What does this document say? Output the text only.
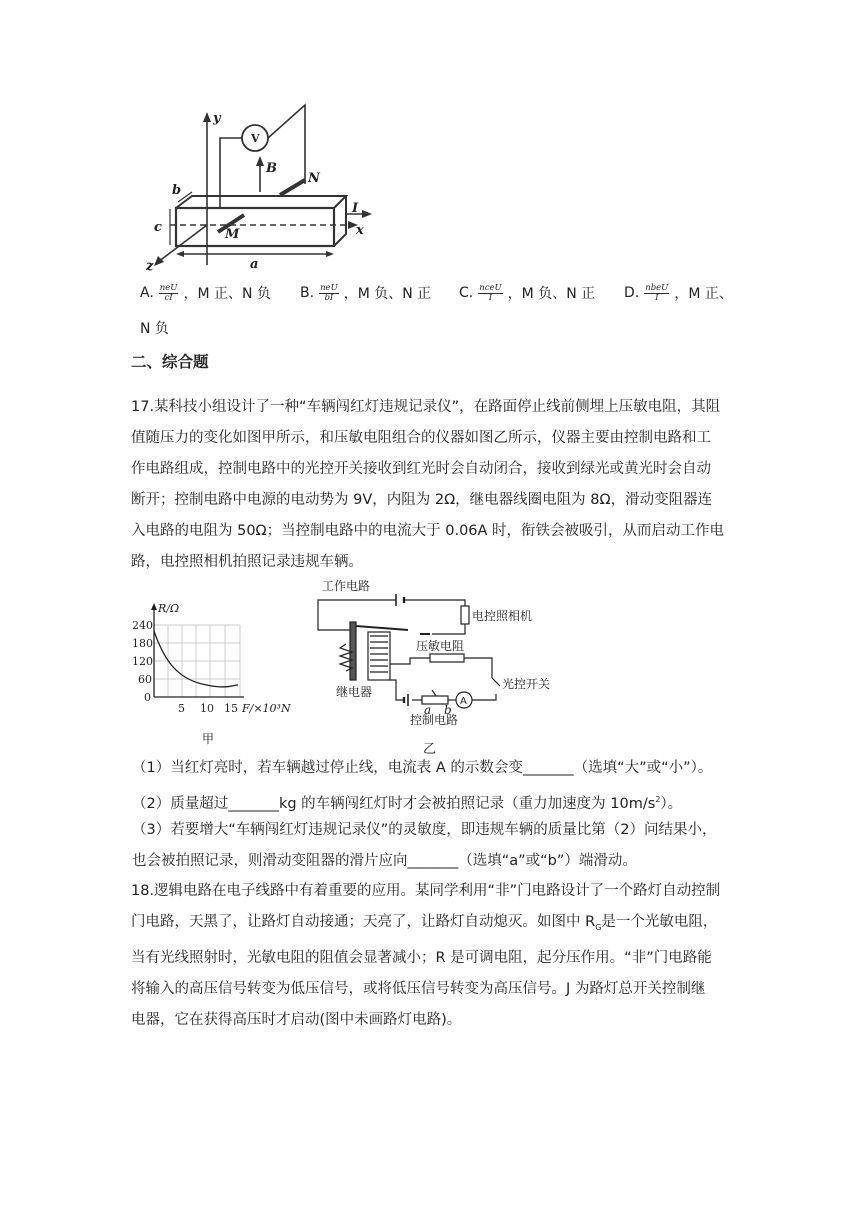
y
x
z
B
N
M
I
V
a
b
c
A. $\frac{\text{neU}}{cI}$ ，M 正、N 负 B. $\frac{\text{neU}}{bI}$ ，M 负、N 正 C. $\frac{\text{nceU}}{I}$ ，M 负、N 正 D. $\frac{\text{nbeU}}{I}$ ，M 正、
N 负
二、综合题
17.某科技小组设计了一种“车辆闯红灯违规记录仪”，在路面停止线前侧埋上压敏电阻，其阻
值随压力的变化如图甲所示，和压敏电阻组合的仪器如图乙所示，仪器主要由控制电路和工
作电路组成，控制电路中的光控开关接收到红光时会自动闭合，接收到绿光或黄光时会自动
断开；控制电路中电源的电动势为 9V，内阻为 2Ω，继电器线圈电阻为 8Ω，滑动变阻器连
入电路的电阻为 50Ω；当控制电路中的电流大于 0.06A 时，衔铁会被吸引，从而启动工作电
路，电控照相机拍照记录违规车辆。
R/Ω
240
180
120
60
0
5 10 15 F/×10³N
甲
工作电路
电控照相机
压敏电阻
继电器
光控开关
控制电路
A
a b
乙
（1）当红灯亮时，若车辆越过停止线，电流表 A 的示数会变_______（选填“大”或“小”）。
（2）质量超过_______kg 的车辆闯红灯时才会被拍照记录（重力加速度为 $10m/s^2$）。
（3）若要增大“车辆闯红灯违规记录仪”的灵敏度，即违规车辆的质量比第（2）问结果小，
也会被拍照记录，则滑动变阻器的滑片应向_______（选填“a”或“b”）端滑动。
18.逻辑电路在电子线路中有着重要的应用。某同学利用“非”门电路设计了一个路灯自动控制
门电路，天黑了，让路灯自动接通；天亮了，让路灯自动熄灭。如图中 $R_G$是一个光敏电阻，
当有光线照射时，光敏电阻的阻值会显著减小；R 是可调电阻，起分压作用。“非”门电路能
将输入的高压信号转变为低压信号，或将低压信号转变为高压信号。J 为路灯总开关控制继
电器，它在获得高压时才启动(图中未画路灯电路)。
